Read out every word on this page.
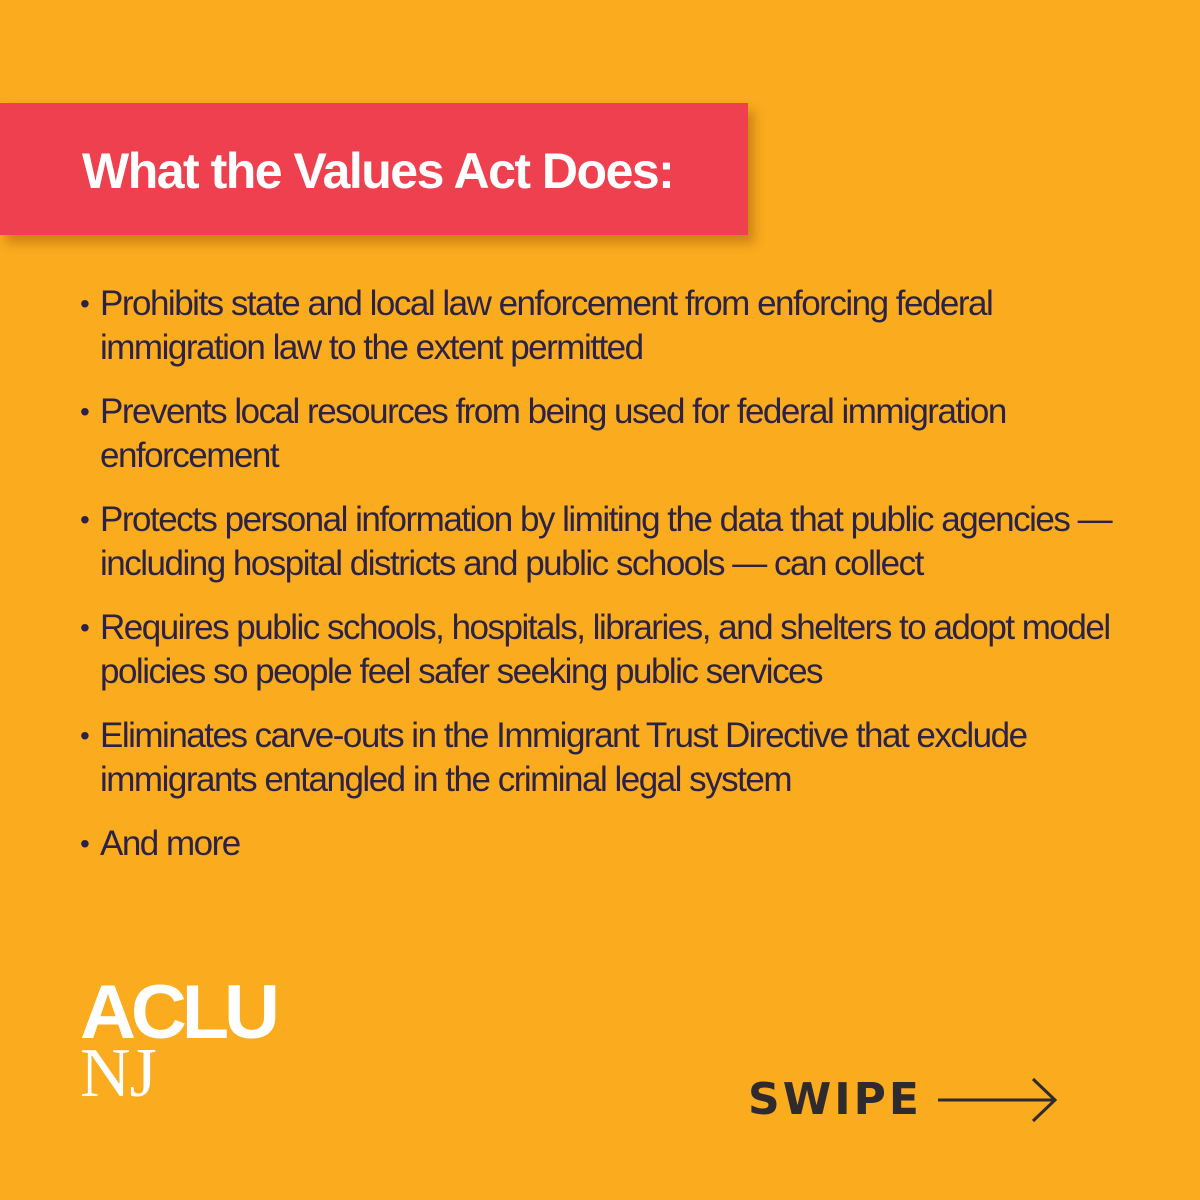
What the Values Act Does:
• Prohibits state and local law enforcement from enforcing federal immigration law to the extent permitted
• Prevents local resources from being used for federal immigration enforcement
• Protects personal information by limiting the data that public agencies — including hospital districts and public schools — can collect
• Requires public schools, hospitals, libraries, and shelters to adopt model policies so people feel safer seeking public services
• Eliminates carve-outs in the Immigrant Trust Directive that exclude immigrants entangled in the criminal legal system
• And more
ACLU
NJ	SWIPE
